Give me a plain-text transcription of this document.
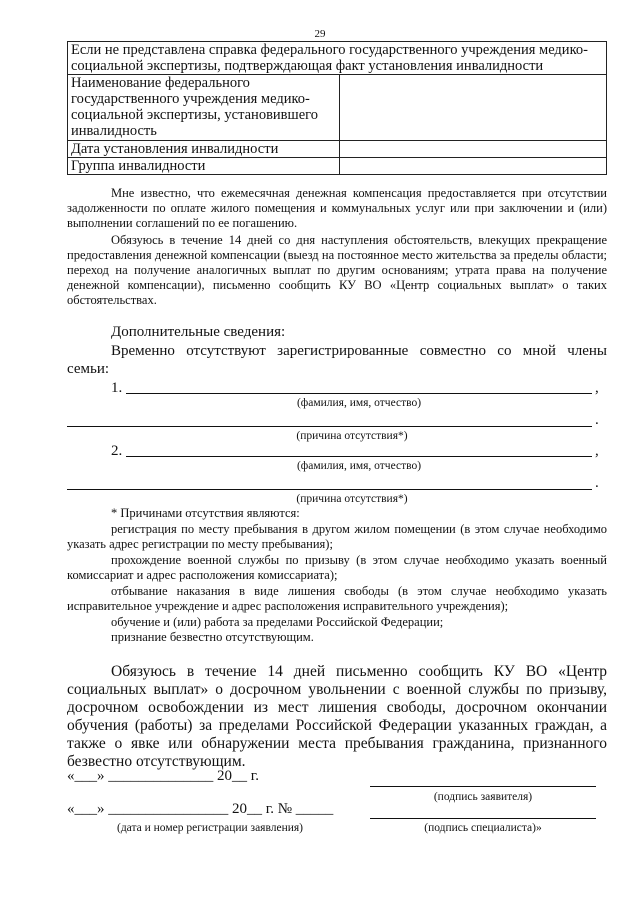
29
Если не представлена справка федерального государственного учреждения медико-социальной экспертизы, подтверждающая факт установления инвалидности	
Наименование федерального государственного учреждения медико-социальной экспертизы, установившего инвалидность	
Дата установления инвалидности	
Группа инвалидности	
Мне известно, что ежемесячная денежная компенсация предоставляется при отсутствии задолженности по оплате жилого помещения и коммунальных услуг или при заключении и (или) выполнении соглашений по ее погашению.
Обязуюсь в течение 14 дней со дня наступления обстоятельств, влекущих прекращение предоставления денежной компенсации (выезд на постоянное место жительства за пределы области; переход на получение аналогичных выплат по другим основаниям; утрата права на получение денежной компенсации), письменно сообщить КУ ВО «Центр социальных выплат» о таких обстоятельствах.
Дополнительные сведения:
Временно отсутствуют зарегистрированные совместно со мной члены семьи:
1.	,
(фамилия, имя, отчество)
.
(причина отсутствия*)
2.	,
(фамилия, имя, отчество)
.
(причина отсутствия*)
* Причинами отсутствия являются:
регистрация по месту пребывания в другом жилом помещении (в этом случае необходимо указать адрес регистрации по месту пребывания);
прохождение военной службы по призыву (в этом случае необходимо указать военный комиссариат и адрес расположения комиссариата);
отбывание наказания в виде лишения свободы (в этом случае необходимо указать исправительное учреждение и адрес расположения исправительного учреждения);
обучение и (или) работа за пределами Российской Федерации;
признание безвестно отсутствующим.
Обязуюсь в течение 14 дней письменно сообщить КУ ВО «Центр социальных выплат» о досрочном увольнении с военной службы по призыву, досрочном освобождении из мест лишения свободы, досрочном окончании обучения (работы) за пределами Российской Федерации указанных граждан, а также о явке или обнаружении места пребывания гражданина, признанного безвестно отсутствующим.
«___» ______________ 20__ г.
(подпись заявителя)
«___» ________________ 20__ г. № _____
(дата и номер регистрации заявления)	(подпись специалиста)»
